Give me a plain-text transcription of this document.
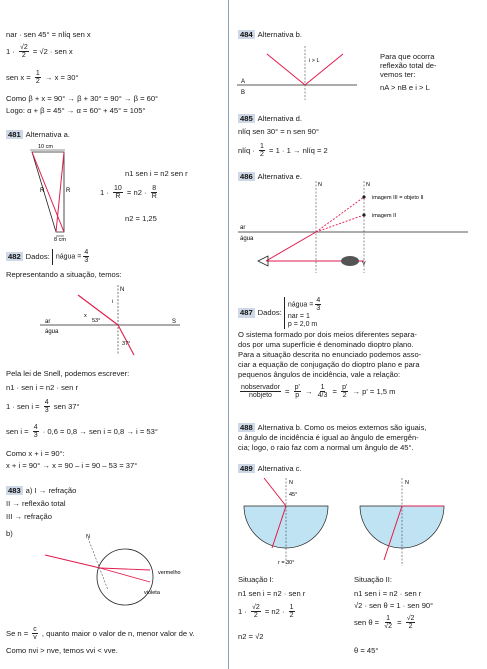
nar · sen 45° = nlíq sen x
$1 \cdot \frac{√2}{2} = √2$ · sen x
sen $x = \frac{1}{2} \to x = 30^\circ$
Como β + x = 90° → β + 30° = 90° → β = 60°
Logo: α + β = 45° → α = 60° + 45° = 105°
481 Alternativa a.
10 cm
R	R
8 cm
n1 sen i = n2 sen r
$1 \cdot \frac{10}{R} = n2 \cdot \frac{8}{R}$
n2 = 1,25
482 Dados: nágua = $\frac{4}{3}$
Representando a situação, temos:
ar
água
N
S
53°
37°
x
i
Pela lei de Snell, podemos escrever:
n1 · sen i = n2 · sen r
1 · sen $i = \frac{4}{3}$ sen 37°
sen $i = \frac{4}{3} \cdot 0,6 = 0,8$ → sen i = 0,8 → i = 53°
Como x + i = 90°:
x + i = 90° → x = 90 – i = 90 – 53 = 37°
483 a) I → refração
II → reflexão total
III → refração
b)	N
vermelho
violeta
Se $n = \frac{c}{v}$ , quanto maior o valor de n, menor valor de v.
Como nvi > nve, temos vvi < vve.
484 Alternativa b.
A
B
i > L	Para que ocorra
reflexão total de-
vemos ter:
nA > nB e i > L
485 Alternativa d.
nlíq sen 30° = n sen 90°
nlíq · $\frac{1}{2} = 1 \cdot 1$ → nlíq = 2
486 Alternativa e.
ar
água
imagem III = objeto II
imagem II
V
N	N
487 Dados:
nágua = $\frac{4}{3}$
nar = 1
p = 2,0 m
O sistema formado por dois meios diferentes separa-
dos por uma superfície é denominado dioptro plano.
Para a situação descrita no enunciado podemos asso-
ciar a equação de conjugação do dioptro plano e para
pequenos ângulos de incidência, vale a relação:
$\frac{\text{nobservador}}{\text{nobjeto}} = \frac{p'}{p} \to \frac{1}{4/3} = \frac{p'}{2} \to p' = 1,5$ m
488 Alternativa b. Como os meios externos são iguais,
o ângulo de incidência é igual ao ângulo de emergên-
cia; logo, o raio faz com a normal um ângulo de 45°.
489 Alternativa c.
N
45°
r = 30°
N
Situação I:	Situação II:
n1 sen i = n2 · sen r
$1 \cdot \frac{√2}{2} = n2 \cdot \frac{1}{2}$
n2 = √2
n1 sen i = n2 · sen r
√2 · sen θ = 1 · sen 90°
sen $\theta = \frac{1}{√2} = \frac{√2}{2}$
θ = 45°
